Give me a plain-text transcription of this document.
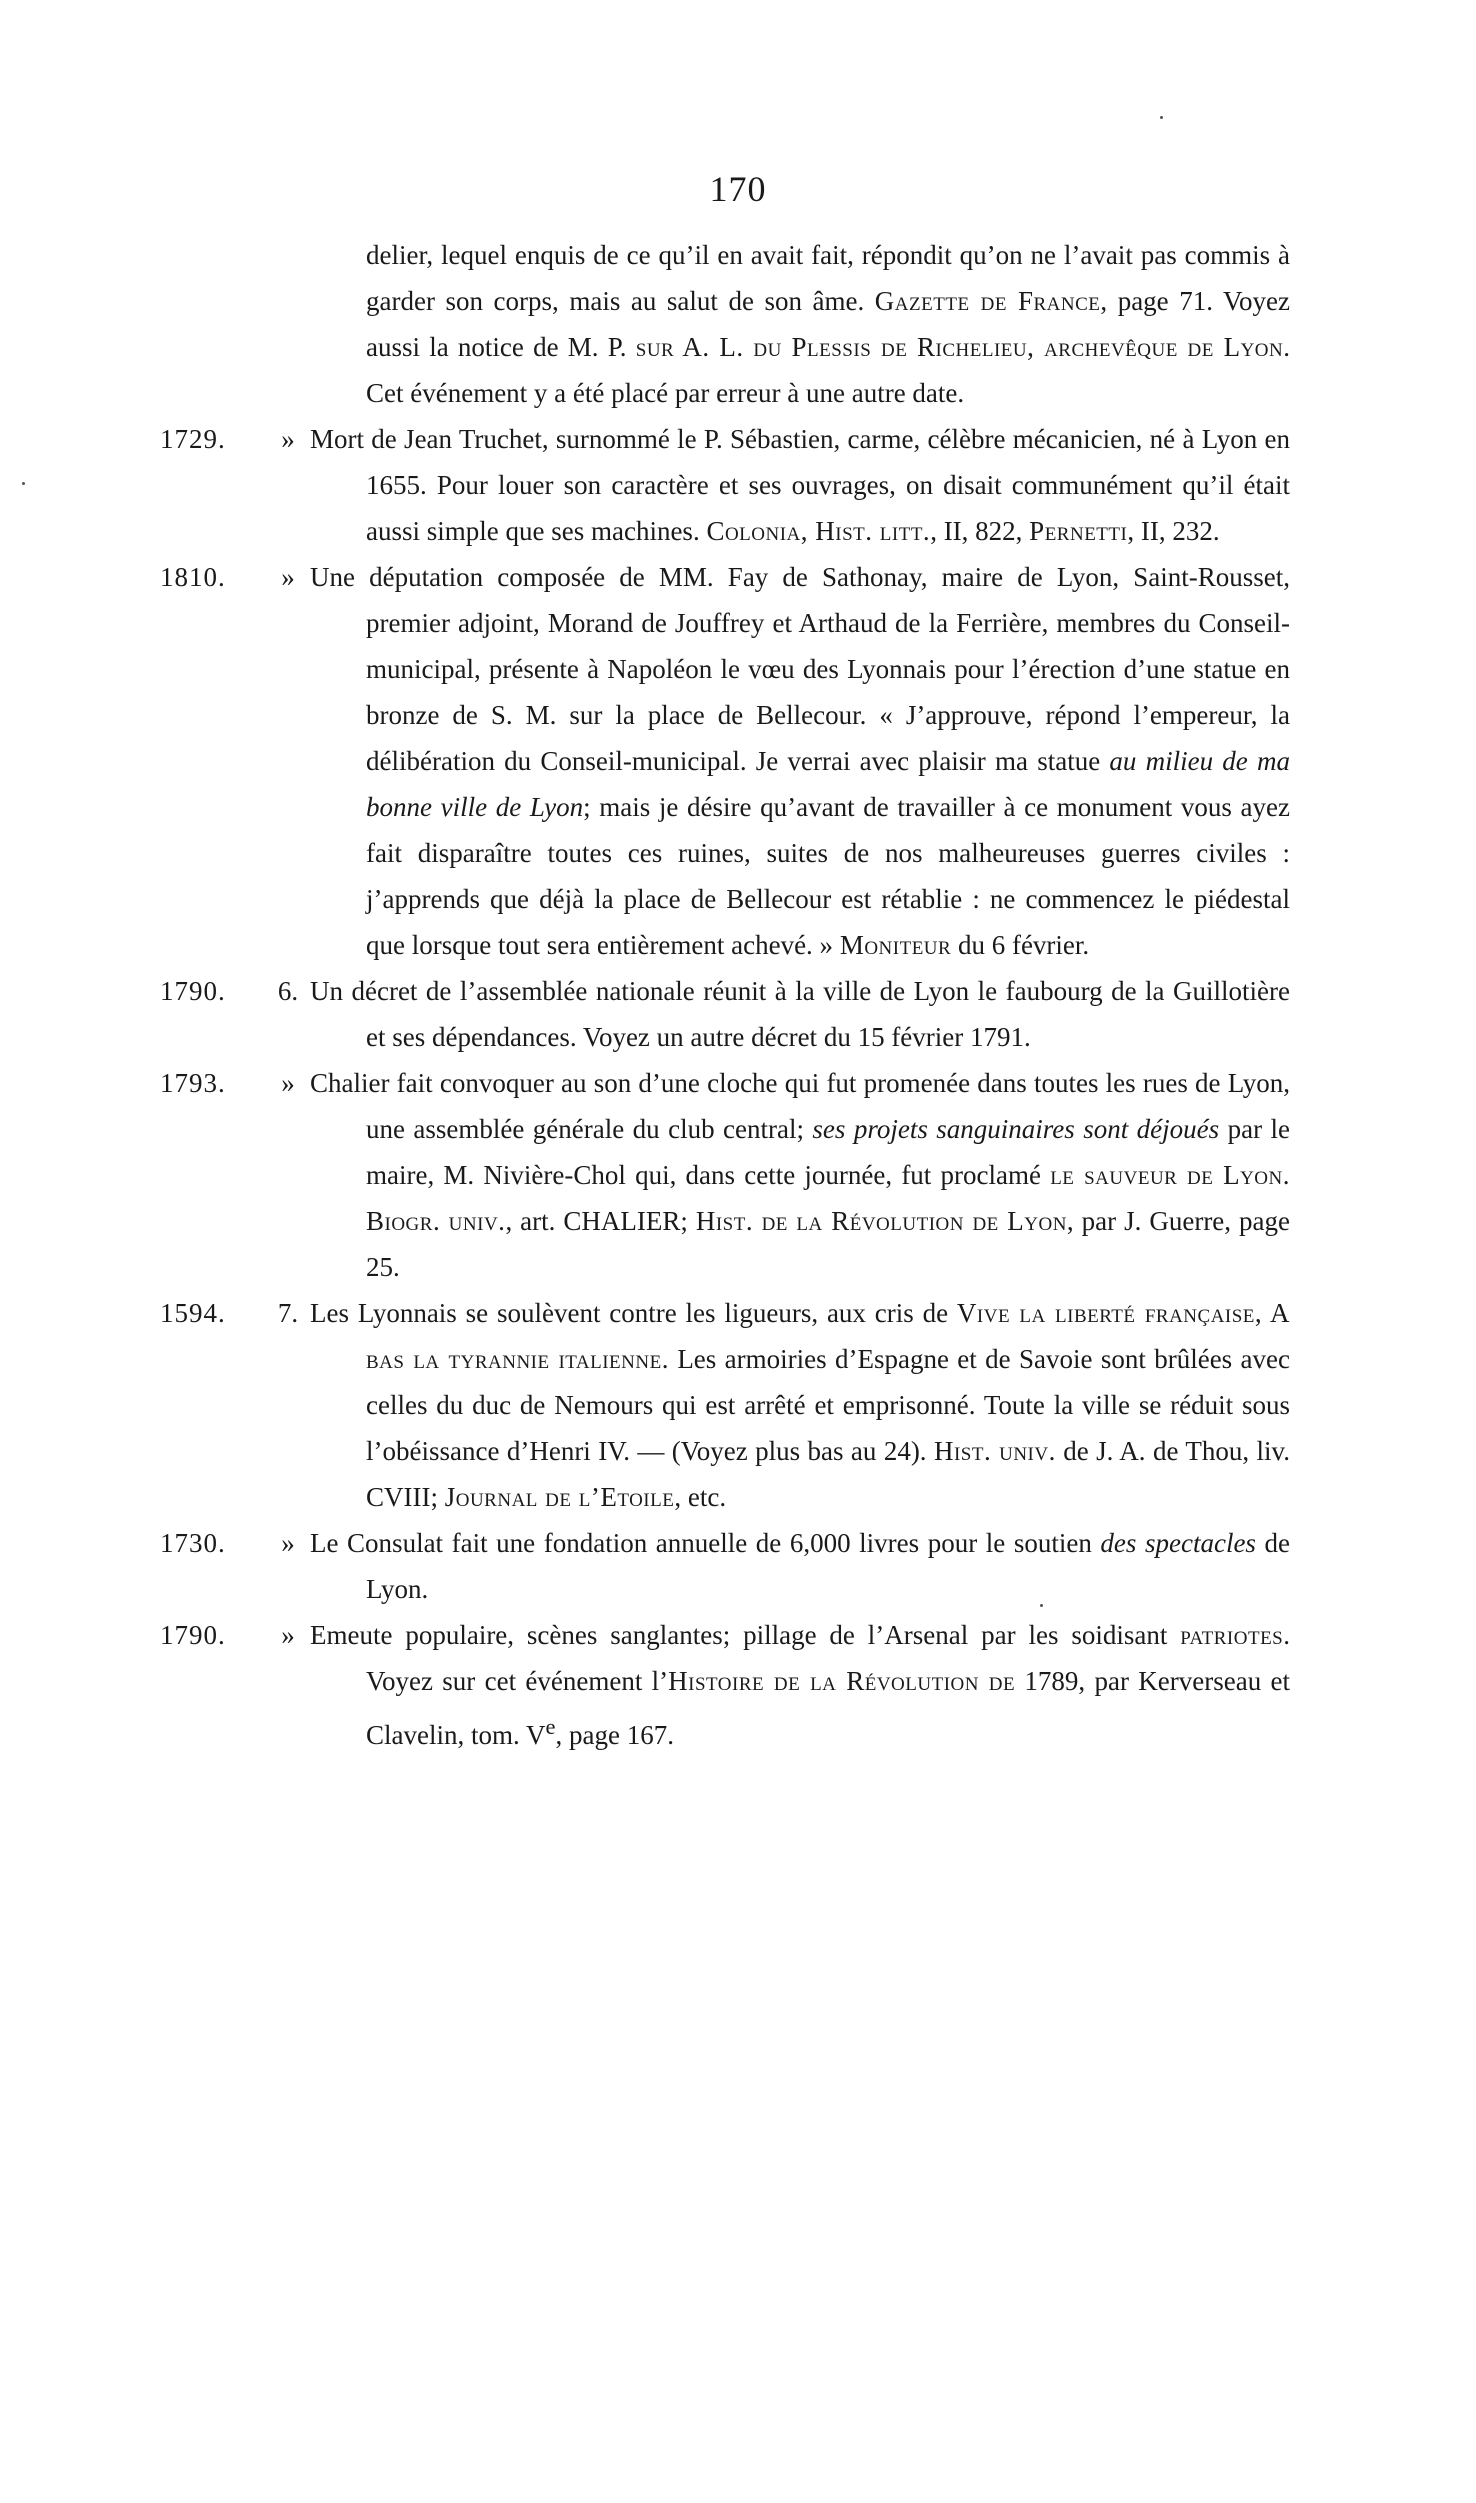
170
delier, lequel enquis de ce qu’il en avait fait, répondit qu’on ne l’avait pas commis à garder son corps, mais au salut de son âme. Gazette de France, page 71. Voyez aussi la notice de M. P. sur A. L. du Plessis de Richelieu, archevêque de Lyon. Cet événement y a été placé par erreur à une autre date.
1729.	» Mort de Jean Truchet, surnommé le P. Sébastien, carme, célèbre mécanicien, né à Lyon en 1655. Pour louer son caractère et ses ouvrages, on disait communément qu’il était aussi simple que ses machines. Colonia, Hist. litt., II, 822, Pernetti, II, 232.
1810.	» Une députation composée de MM. Fay de Sathonay, maire de Lyon, Saint-Rousset, premier adjoint, Morand de Jouffrey et Arthaud de la Ferrière, membres du Conseil-municipal, présente à Napoléon le vœu des Lyonnais pour l’érection d’une statue en bronze de S. M. sur la place de Bellecour. « J’approuve, répond l’empereur, la délibération du Conseil-municipal. Je verrai avec plaisir ma statue au milieu de ma bonne ville de Lyon; mais je désire qu’avant de travailler à ce monument vous ayez fait disparaître toutes ces ruines, suites de nos malheureuses guerres civiles : j’apprends que déjà la place de Bellecour est rétablie : ne commencez le piédestal que lorsque tout sera entièrement achevé. » Moniteur du 6 février.
1790.	6. Un décret de l’assemblée nationale réunit à la ville de Lyon le faubourg de la Guillotière et ses dépendances. Voyez un autre décret du 15 février 1791.
1793.	» Chalier fait convoquer au son d’une cloche qui fut promenée dans toutes les rues de Lyon, une assemblée générale du club central; ses projets sanguinaires sont déjoués par le maire, M. Nivière-Chol qui, dans cette journée, fut proclamé le sauveur de Lyon. Biogr. univ., art. CHALIER; Hist. de la Révolution de Lyon, par J. Guerre, page 25.
1594.	7. Les Lyonnais se soulèvent contre les ligueurs, aux cris de Vive la liberté française, A bas la tyrannie italienne. Les armoiries d’Espagne et de Savoie sont brûlées avec celles du duc de Nemours qui est arrêté et emprisonné. Toute la ville se réduit sous l’obéissance d’Henri IV. — (Voyez plus bas au 24). Hist. univ. de J. A. de Thou, liv. CVIII; Journal de l’Etoile, etc.
1730.	» Le Consulat fait une fondation annuelle de 6,000 livres pour le soutien des spectacles de Lyon.
1790.	» Emeute populaire, scènes sanglantes; pillage de l’Arsenal par les soidisant patriotes. Voyez sur cet événement l’Histoire de la Révolution de 1789, par Kerverseau et Clavelin, tom. Ve, page 167.
